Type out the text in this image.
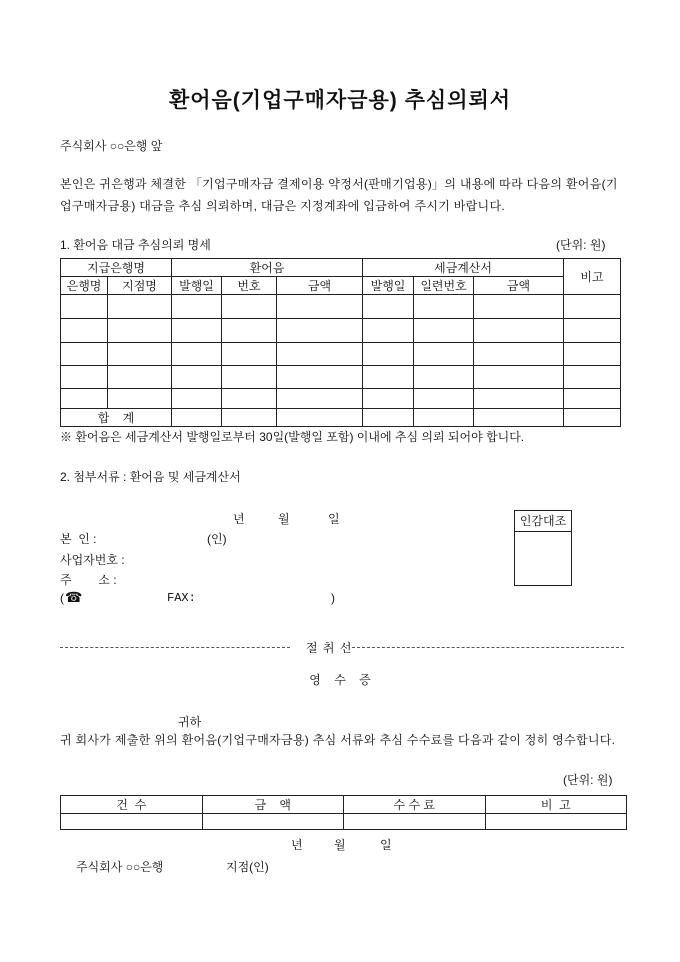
환어음(기업구매자금용) 추심의뢰서
주식회사 ○○은행 앞
본인은 귀은행과 체결한 「기업구매자금 결제이용 약정서(판매기업용)」의 내용에 따라 다음의 환어음(기업구매자금용) 대금을 추심 의뢰하며, 대금은 지정계좌에 입금하여 주시기 바랍니다.
1. 환어음 대금 추심의뢰 명세	(단위: 원)
지급은행명		환어음			세금계산서			비고
은행명	지점명	발행일	번호	금액	발행일	일련번호	금액	

합    계								
※ 환어음은 세금계산서 발행일로부터 30일(발행일 포함) 이내에 추심 의뢰 되어야 합니다.
2. 첨부서류 : 환어음 및 세금계산서
년	월	일
본  인 :	(인)
사업자번호 :
주        소 :
( ☎	FAX:	)
인감대조
절 취 선
영    수    증
귀하
귀 회사가 제출한 위의 환어음(기업구매자금용) 추심 서류와 추심 수수료를 다음과 같이 정히 영수합니다.
(단위: 원)
건  수	금    액	수 수 료	비  고

년	월	일
주식회사 ○○은행	지점(인)
